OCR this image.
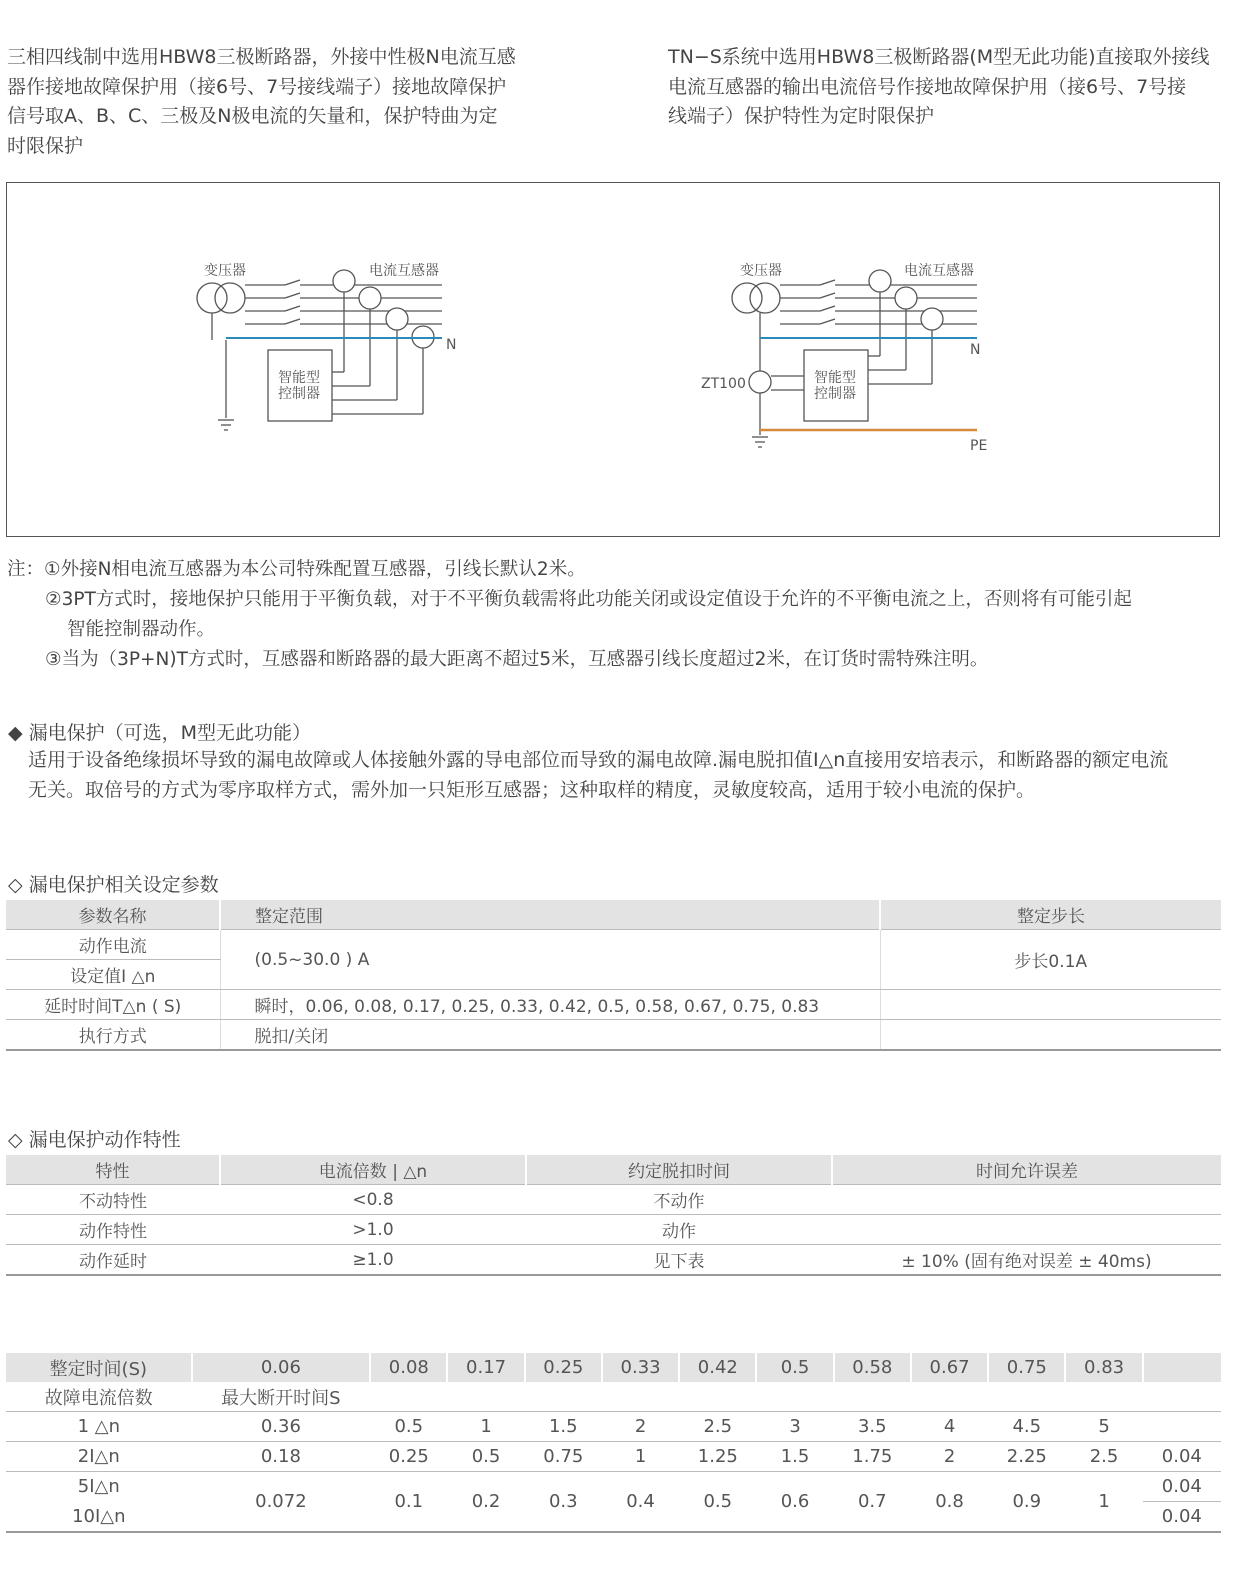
三相四线制中选用HBW8三极断路器，外接中性极N电流互感
器作接地故障保护用（接6号、7号接线端子）接地故障保护
信号取A、B、C、三极及N极电流的矢量和，保护特曲为定
时限保护
TN−S系统中选用HBW8三极断路器(M型无此功能)直接取外接线
电流互感器的输出电流倍号作接地故障保护用（接6号、7号接
线端子）保护特性为定时限保护
变压器	电流互感器
N
智能型
控制器
变压器	电流互感器
N
PE
ZT100	智能型
控制器
注：①外接N相电流互感器为本公司特殊配置互感器，引线长默认2米。
②3PT方式时，接地保护只能用于平衡负载，对于不平衡负载需将此功能关闭或设定值设于允许的不平衡电流之上，否则将有可能引起
智能控制器动作。
③当为（3P+N)T方式时，互感器和断路器的最大距离不超过5米，互感器引线长度超过2米，在订货时需特殊注明。
◆ 漏电保护（可选，M型无此功能）
适用于设备绝缘损坏导致的漏电故障或人体接触外露的导电部位而导致的漏电故障.漏电脱扣值I△n直接用安培表示，和断路器的额定电流
无关。取倍号的方式为零序取样方式，需外加一只矩形互感器；这种取样的精度，灵敏度较高，适用于较小电流的保护。
◇ 漏电保护相关设定参数
参数名称	整定范围	整定步长
动作电流	(0.5~30.0 ) A	步长0.1A
设定值I △n		
延时时间T△n ( S)	瞬时，0.06, 0.08, 0.17, 0.25, 0.33, 0.42, 0.5, 0.58, 0.67, 0.75, 0.83	
执行方式	脱扣/关闭	
◇ 漏电保护动作特性
特性	电流倍数 | △n	约定脱扣时间	时间允许误差
不动特性	<0.8	不动作	
动作特性	>1.0	动作	
动作延时	≥1.0	见下表	± 10% (固有绝对误差 ± 40ms)
整定时间(S)	0.06	0.08	0.17	0.25	0.33	0.42	0.5	0.58	0.67	0.75	0.83	
故障电流倍数	最大断开时间S											
1 △n	0.36	0.5	1	1.5	2	2.5	3	3.5	4	4.5	5	
2I△n	0.18	0.25	0.5	0.75	1	1.25	1.5	1.75	2	2.25	2.5	0.04
5I△n	0.072	0.1	0.2	0.3	0.4	0.5	0.6	0.7	0.8	0.9	1	0.04
10I△n												0.04
